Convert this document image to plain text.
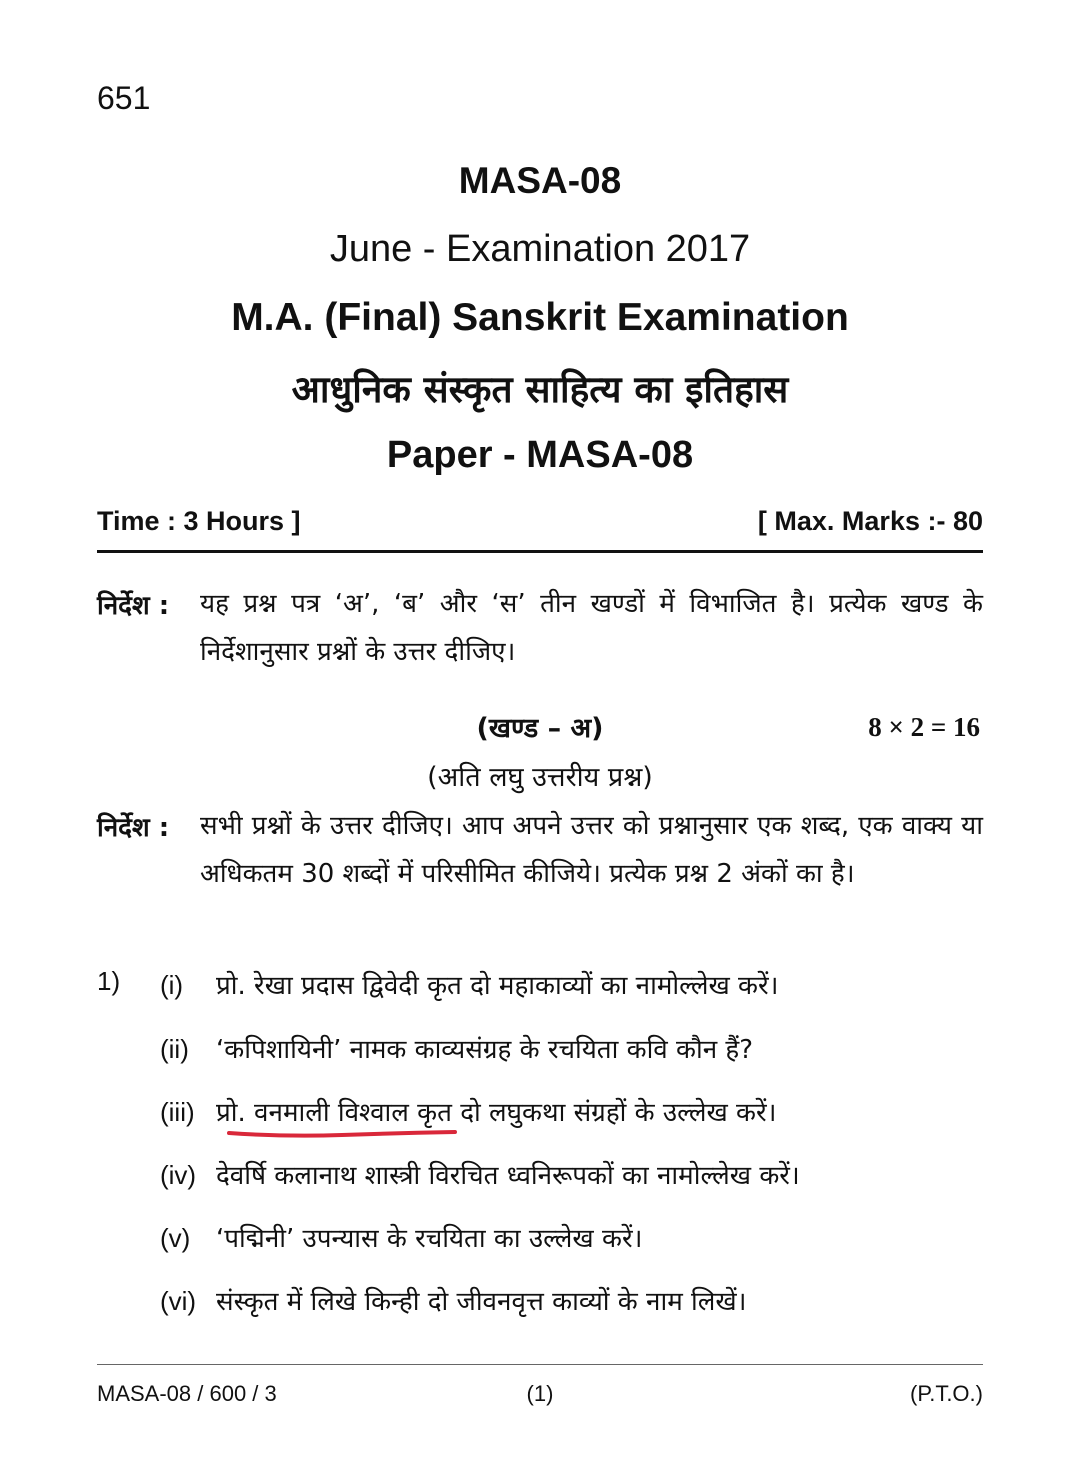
651
MASA-08
June - Examination 2017
M.A. (Final) Sanskrit Examination
आधुनिक संस्कृत साहित्य का इतिहास
Paper - MASA-08
Time : 3 Hours ]	[ Max. Marks :- 80
निर्देश : यह प्रश्न पत्र ‘अ’, ‘ब’ और ‘स’ तीन खण्डों में विभाजित है। प्रत्येक खण्ड के निर्देशानुसार प्रश्नों के उत्तर दीजिए।
(खण्ड – अ)	8 × 2 = 16
(अति लघु उत्तरीय प्रश्न)
निर्देश : सभी प्रश्नों के उत्तर दीजिए। आप अपने उत्तर को प्रश्नानुसार एक शब्द, एक वाक्य या अधिकतम 30 शब्दों में परिसीमित कीजिये। प्रत्येक प्रश्न 2 अंकों का है।
1) (i) प्रो. रेखा प्रदास द्विवेदी कृत दो महाकाव्यों का नामोल्लेख करें।
(ii) ‘कपिशायिनी’ नामक काव्यसंग्रह के रचयिता कवि कौन हैं?
(iii) प्रो. वनमाली विश्वाल कृत दो लघुकथा संग्रहों के उल्लेख करें।
(iv) देवर्षि कलानाथ शास्त्री विरचित ध्वनिरूपकों का नामोल्लेख करें।
(v) ‘पद्मिनी’ उपन्यास के रचयिता का उल्लेख करें।
(vi) संस्कृत में लिखे किन्ही दो जीवनवृत्त काव्यों के नाम लिखें।
MASA-08 / 600 / 3	(1)	(P.T.O.)
